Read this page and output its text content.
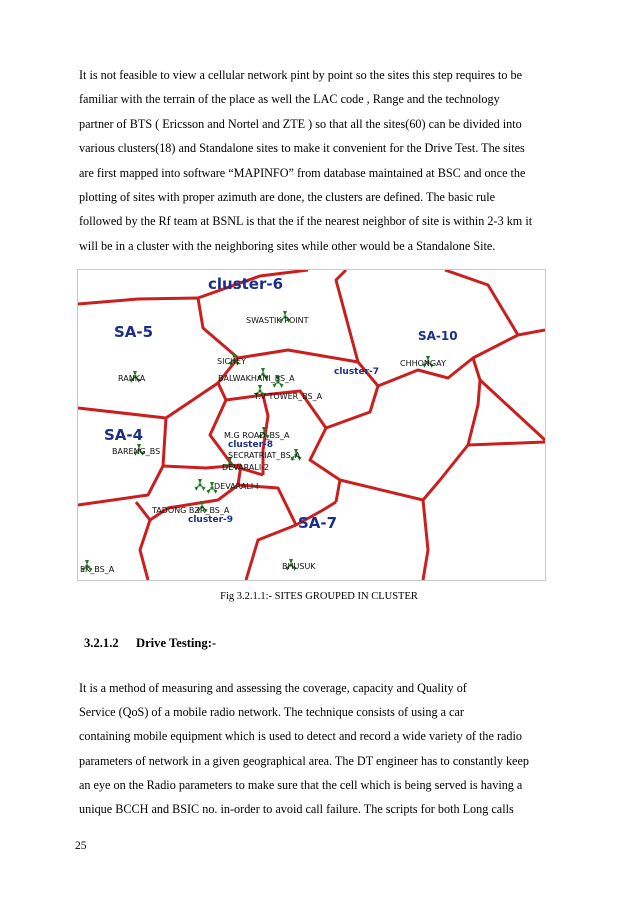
It is not feasible to view a cellular network pint by point so the sites this step requires to be
familiar with the terrain of the place as well the LAC code , Range and the technology
partner of BTS ( Ericsson and Nortel and ZTE ) so that all the sites(60) can be divided into
various clusters(18) and Standalone sites to make it convenient for the Drive Test. The sites
are first mapped into software “MAPINFO” from database maintained at BSC and once the
plotting of sites with proper azimuth are done, the clusters are defined. The basic rule
followed by the Rf team at BSNL is that the if the nearest neighbor of site is within 2-3 km it
will be in a cluster with the neighboring sites while other would be a Standalone Site.
cluster-6
SA-5	SA-10
SA-4
SA-7
cluster-7
cluster-8
cluster-9
SWASTIK POINT
SICHEY	CHHONGAY
RANKA	BALWAKHANI_BS_A
T.V TOWER_BS_A
M.G ROAD_BS_A
BARENG_BS	SECRATRIAT_BS_A
DEVARALI-2
DEVARALI-I
TADONG BZR_BS_A
BHUSUK
EK_BS_A
Fig 3.2.1.1:- SITES GROUPED IN CLUSTER
3.2.1.2 Drive Testing:-
It is a method of measuring and assessing the coverage, capacity and Quality of
Service (QoS) of a mobile radio network. The technique consists of using a car
containing mobile equipment which is used to detect and record a wide variety of the radio
parameters of network in a given geographical area. The DT engineer has to constantly keep
an eye on the Radio parameters to make sure that the cell which is being served is having a
unique BCCH and BSIC no. in-order to avoid call failure. The scripts for both Long calls
25
